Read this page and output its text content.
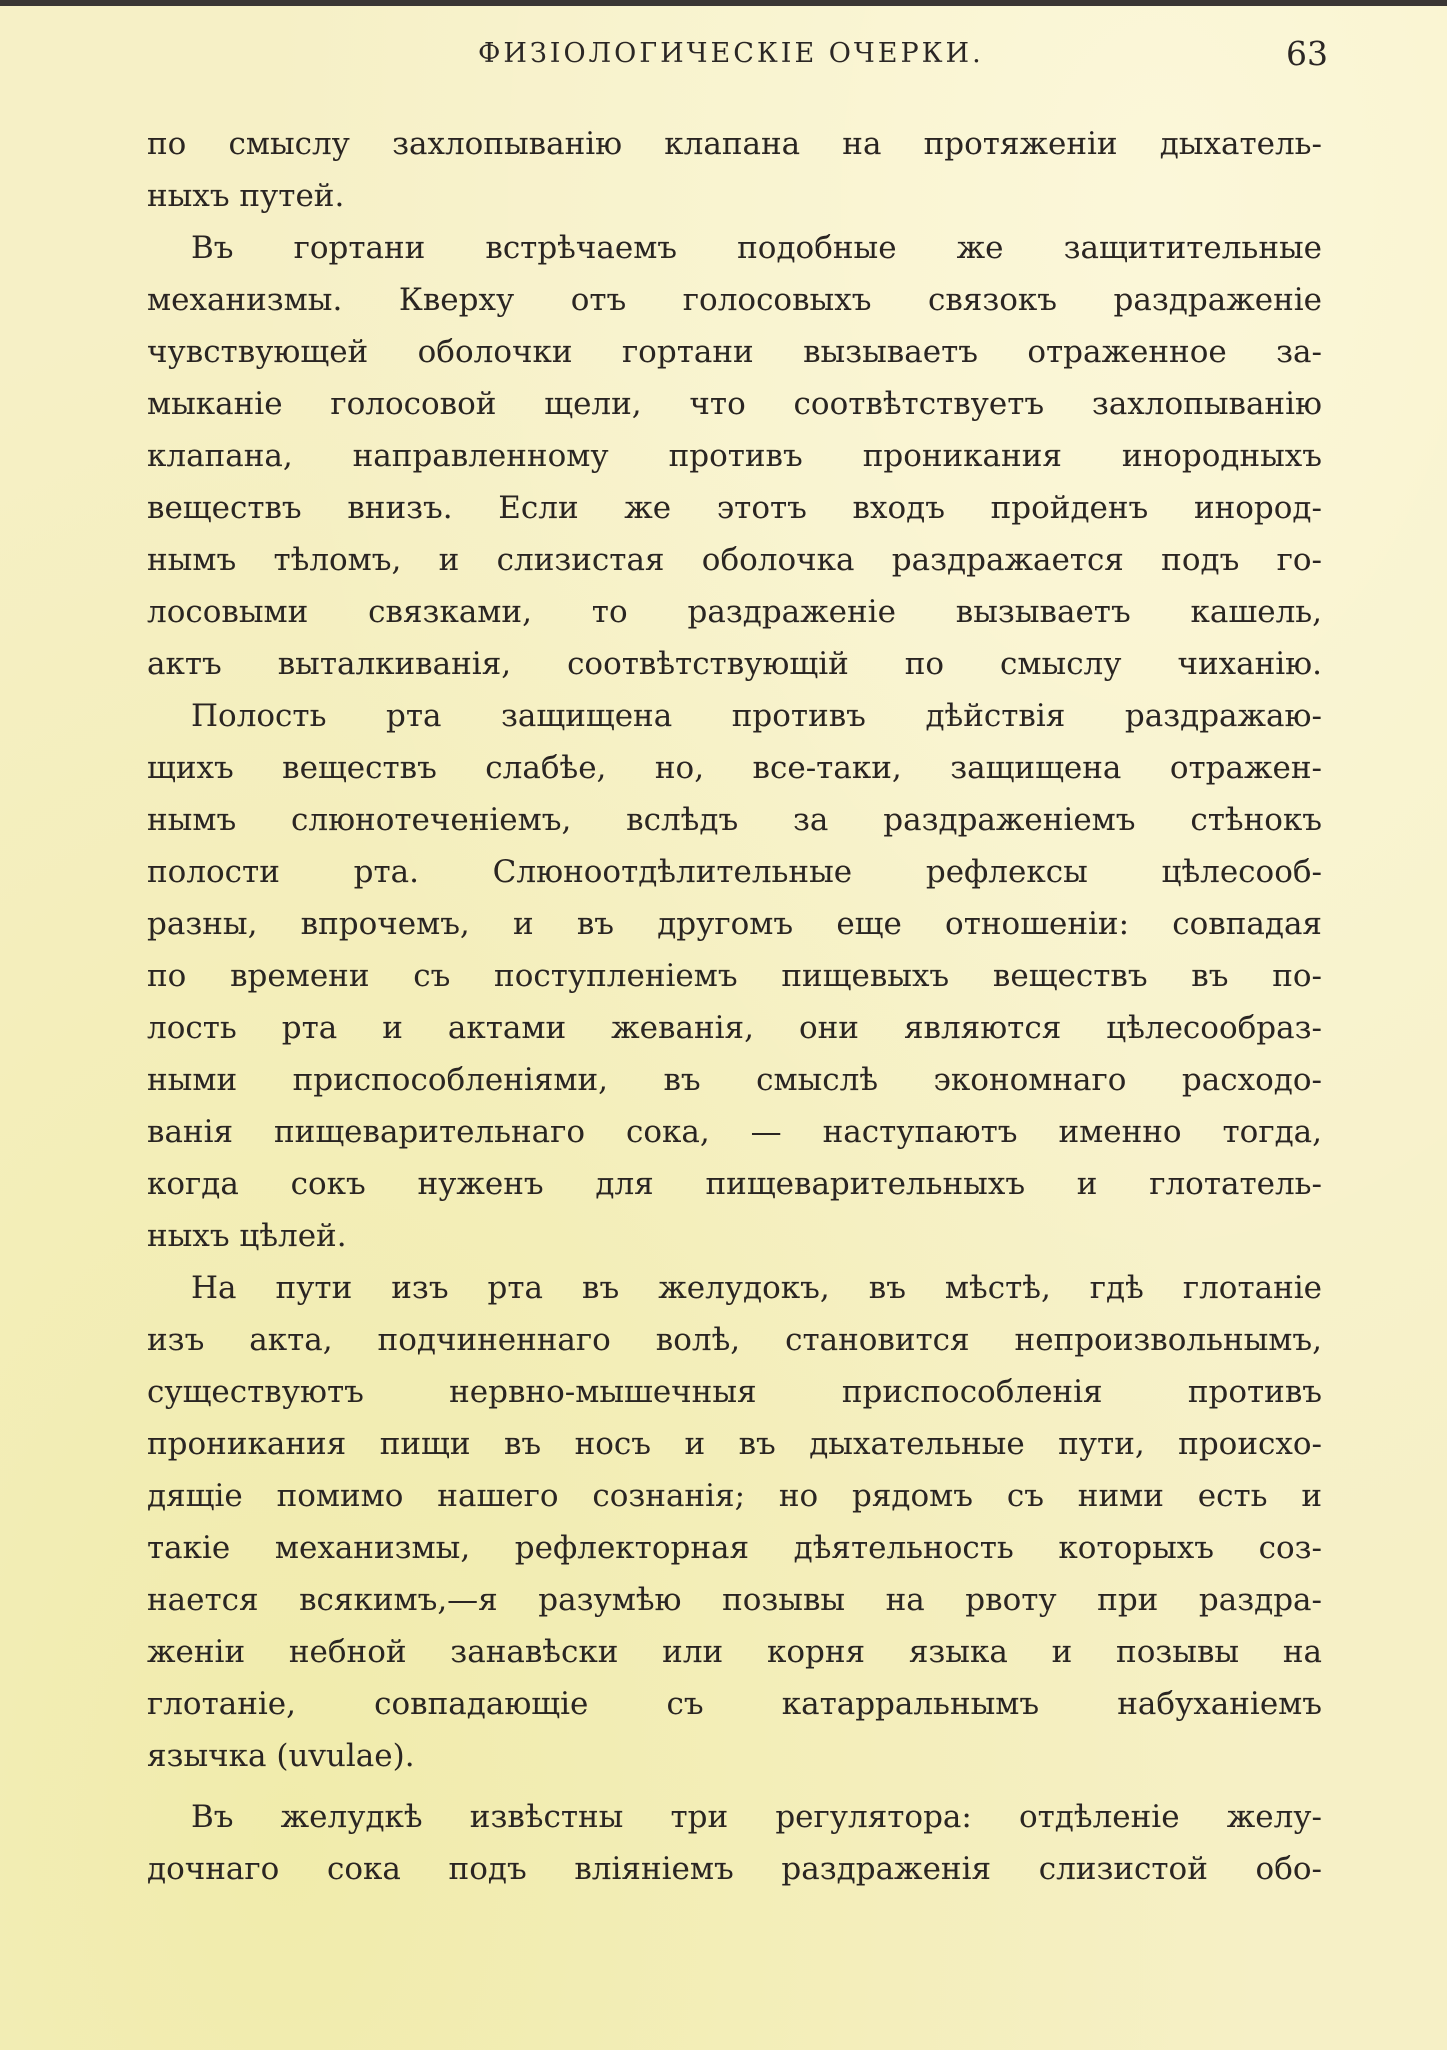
ФИЗІОЛОГИЧЕСКІЕ ОЧЕРКИ.	63
по смыслу захлопыванію клапана на протяженіи дыхатель-
ныхъ путей.
Въ гортани встрѣчаемъ подобные же защитительные
механизмы. Кверху отъ голосовыхъ связокъ раздраженіе
чувствующей оболочки гортани вызываетъ отраженное за-
мыканіе голосовой щели, что соотвѣтствуетъ захлопыванію
клапана, направленному противъ проникания инородныхъ
веществъ внизъ. Если же этотъ входъ пройденъ инород-
нымъ тѣломъ, и слизистая оболочка раздражается подъ го-
лосовыми связками, то раздраженіе вызываетъ кашель,
актъ выталкиванія, соотвѣтствующій по смыслу чиханію.
Полость рта защищена противъ дѣйствія раздражаю-
щихъ веществъ слабѣе, но, все-таки, защищена отражен-
нымъ слюнотеченіемъ, вслѣдъ за раздраженіемъ стѣнокъ
полости рта. Слюноотдѣлительные рефлексы цѣлесооб-
разны, впрочемъ, и въ другомъ еще отношеніи: совпадая
по времени съ поступленіемъ пищевыхъ веществъ въ по-
лость рта и актами жеванія, они являются цѣлесообраз-
ными приспособленіями, въ смыслѣ экономнаго расходо-
ванія пищеварительнаго сока, — наступаютъ именно тогда,
когда сокъ нуженъ для пищеварительныхъ и глотатель-
ныхъ цѣлей.
На пути изъ рта въ желудокъ, въ мѣстѣ, гдѣ глотаніе
изъ акта, подчиненнаго волѣ, становится непроизвольнымъ,
существуютъ нервно-мышечныя приспособленія противъ
проникания пищи въ носъ и въ дыхательные пути, происхо-
дящіе помимо нашего сознанія; но рядомъ съ ними есть и
такіе механизмы, рефлекторная дѣятельность которыхъ соз-
нается всякимъ,—я разумѣю позывы на рвоту при раздра-
женіи небной занавѣски или корня языка и позывы на
глотаніе, совпадающіе съ катарральнымъ набуханіемъ
язычка (uvulae).
Въ желудкѣ извѣстны три регулятора: отдѣленіе желу-
дочнаго сока подъ вліяніемъ раздраженія слизистой обо-
